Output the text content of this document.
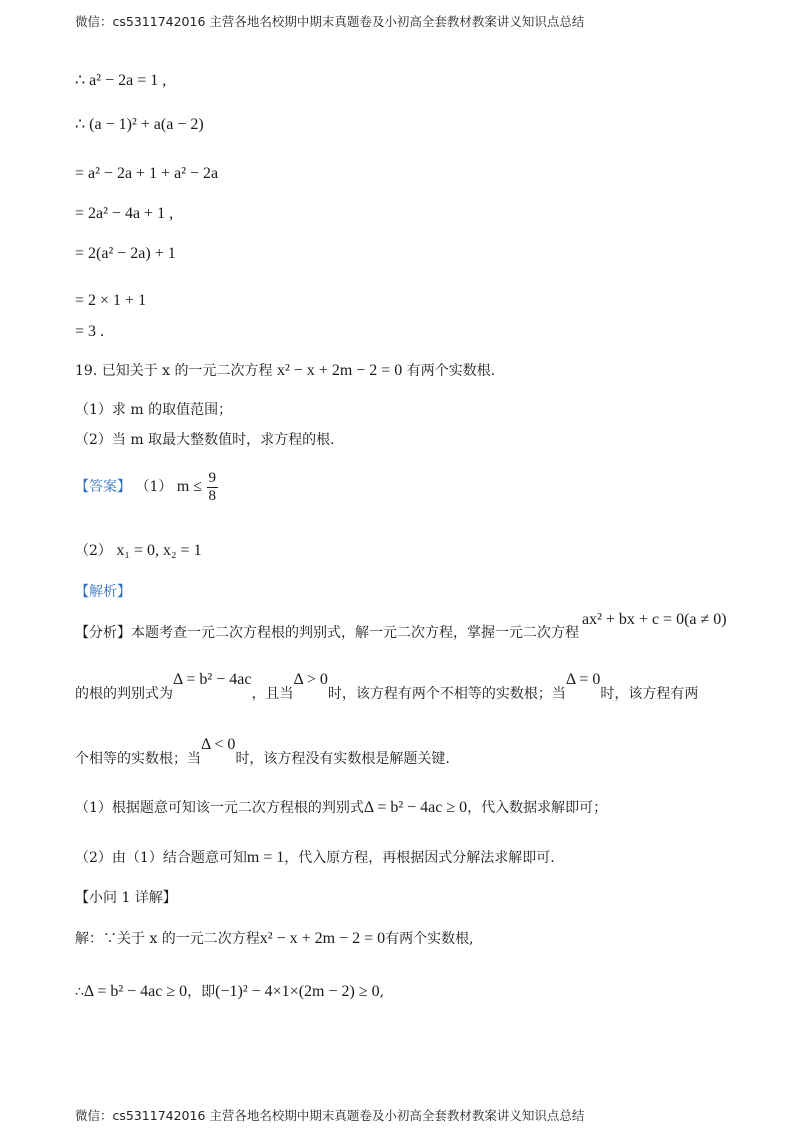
微信：cs5311742016 主营各地名校期中期末真题卷及小初高全套教材教案讲义知识点总结
∴ a² − 2a = 1 ,
∴ (a − 1)² + a(a − 2)
= a² − 2a + 1 + a² − 2a
= 2a² − 4a + 1 ,
= 2(a² − 2a) + 1
= 2 × 1 + 1
= 3 .
19. 已知关于 x 的一元二次方程 x² − x + 2m − 2 = 0 有两个实数根.
（1）求 m 的取值范围；
（2）当 m 取最大整数值时，求方程的根.
【答案】 （1） $m \le \frac{9}{8}$
（2） x₁ = 0, x₂ = 1
【解析】
【分析】本题考查一元二次方程根的判别式，解一元二次方程，掌握一元二次方程
ax² + bx + c = 0(a ≠ 0)
的根的判别式为Δ = b² − 4ac，且当Δ > 0时，该方程有两个不相等的实数根；当Δ = 0时，该方程有两
个相等的实数根；当Δ < 0时，该方程没有实数根是解题关键.
（1）根据题意可知该一元二次方程根的判别式Δ = b² − 4ac ≥ 0，代入数据求解即可；
（2）由（1）结合题意可知m = 1，代入原方程，再根据因式分解法求解即可.
【小问 1 详解】
解：∵关于 x 的一元二次方程x² − x + 2m − 2 = 0有两个实数根,
∴Δ = b² − 4ac ≥ 0，即(−1)² − 4×1×(2m − 2) ≥ 0,
微信：cs5311742016 主营各地名校期中期末真题卷及小初高全套教材教案讲义知识点总结
